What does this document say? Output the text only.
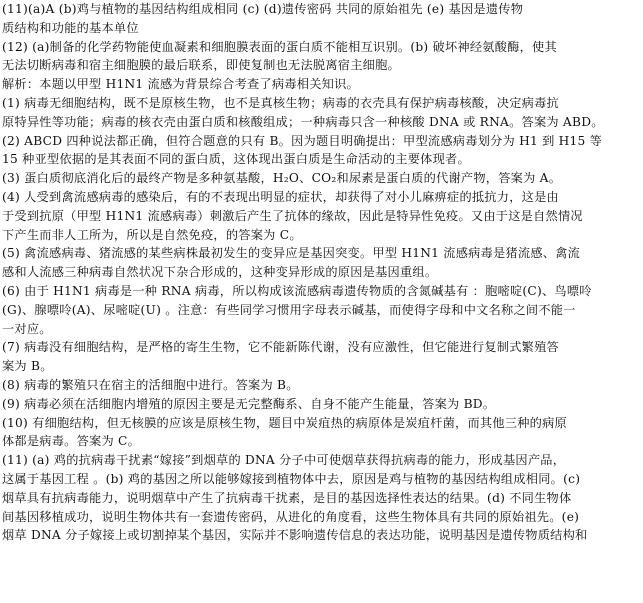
(11)(a)A (b)鸡与植物的基因结构组成相同 (c) (d)遗传密码 共同的原始祖先 (e) 基因是遗传物
质结构和功能的基本单位
(12) (a)制备的化学药物能使血凝素和细胞膜表面的蛋白质不能相互识别。(b) 破坏神经氨酸酶，使其
无法切断病毒和宿主细胞膜的最后联系，即使复制也无法脱离宿主细胞。
解析：本题以甲型 H1N1 流感为背景综合考查了病毒相关知识。
(1) 病毒无细胞结构，既不是原核生物，也不是真核生物；病毒的衣壳具有保护病毒核酸，决定病毒抗
原特异性等功能；病毒的核衣壳由蛋白质和核酸组成；一种病毒只含一种核酸 DNA 或 RNA。答案为 ABD。
(2) ABCD 四种说法都正确，但符合题意的只有 B。因为题目明确提出：甲型流感病毒划分为 H1 到 H15 等
15 种亚型依据的是其表面不同的蛋白质，这体现出蛋白质是生命活动的主要体现者。
(3) 蛋白质彻底消化后的最终产物是多种氨基酸，H₂O、CO₂和尿素是蛋白质的代谢产物，答案为 A。
(4) 人受到禽流感病毒的感染后，有的不表现出明显的症状，却获得了对小儿麻痹症的抵抗力，这是由
于受到抗原（甲型 H1N1 流感病毒）刺激后产生了抗体的缘故，因此是特异性免疫。又由于这是自然情况
下产生而非人工所为，所以是自然免疫，的答案为 C。
(5) 禽流感病毒、猪流感的某些病株最初发生的变异应是基因突变。甲型 H1N1 流感病毒是猪流感、禽流
感和人流感三种病毒自然状况下杂合形成的，这种变异形成的原因是基因重组。
(6) 由于 H1N1 病毒是一种 RNA 病毒，所以构成该流感病毒遗传物质的含氮碱基有 ：胞嘧啶(C)、鸟嘌呤
(G)、腺嘌呤(A)、尿嘧啶(U) 。注意：有些同学习惯用字母表示碱基，而使得字母和中文名称之间不能一
一对应。
(7) 病毒没有细胞结构，是严格的寄生生物，它不能新陈代谢，没有应激性，但它能进行复制式繁殖答
案为 B。
(8) 病毒的繁殖只在宿主的活细胞中进行。答案为 B。
(9) 病毒必须在活细胞内增殖的原因主要是无完整酶系、自身不能产生能量，答案为 BD。
(10) 有细胞结构，但无核膜的应该是原核生物，题目中炭疽热的病原体是炭疽杆菌，而其他三种的病原
体都是病毒。答案为 C。
(11) (a) 鸡的抗病毒干扰素“嫁接”到烟草的 DNA 分子中可使烟草获得抗病毒的能力，形成基因产品，
这属于基因工程 。(b) 鸡的基因之所以能够嫁接到植物体中去，原因是鸡与植物的基因结构组成相同。(c)
烟草具有抗病毒能力，说明烟草中产生了抗病毒干扰素，是目的基因选择性表达的结果。(d) 不同生物体
间基因移植成功，说明生物体共有一套遗传密码，从进化的角度看，这些生物体具有共同的原始祖先。(e)
烟草 DNA 分子嫁接上或切割掉某个基因，实际并不影响遗传信息的表达功能，说明基因是遗传物质结构和
